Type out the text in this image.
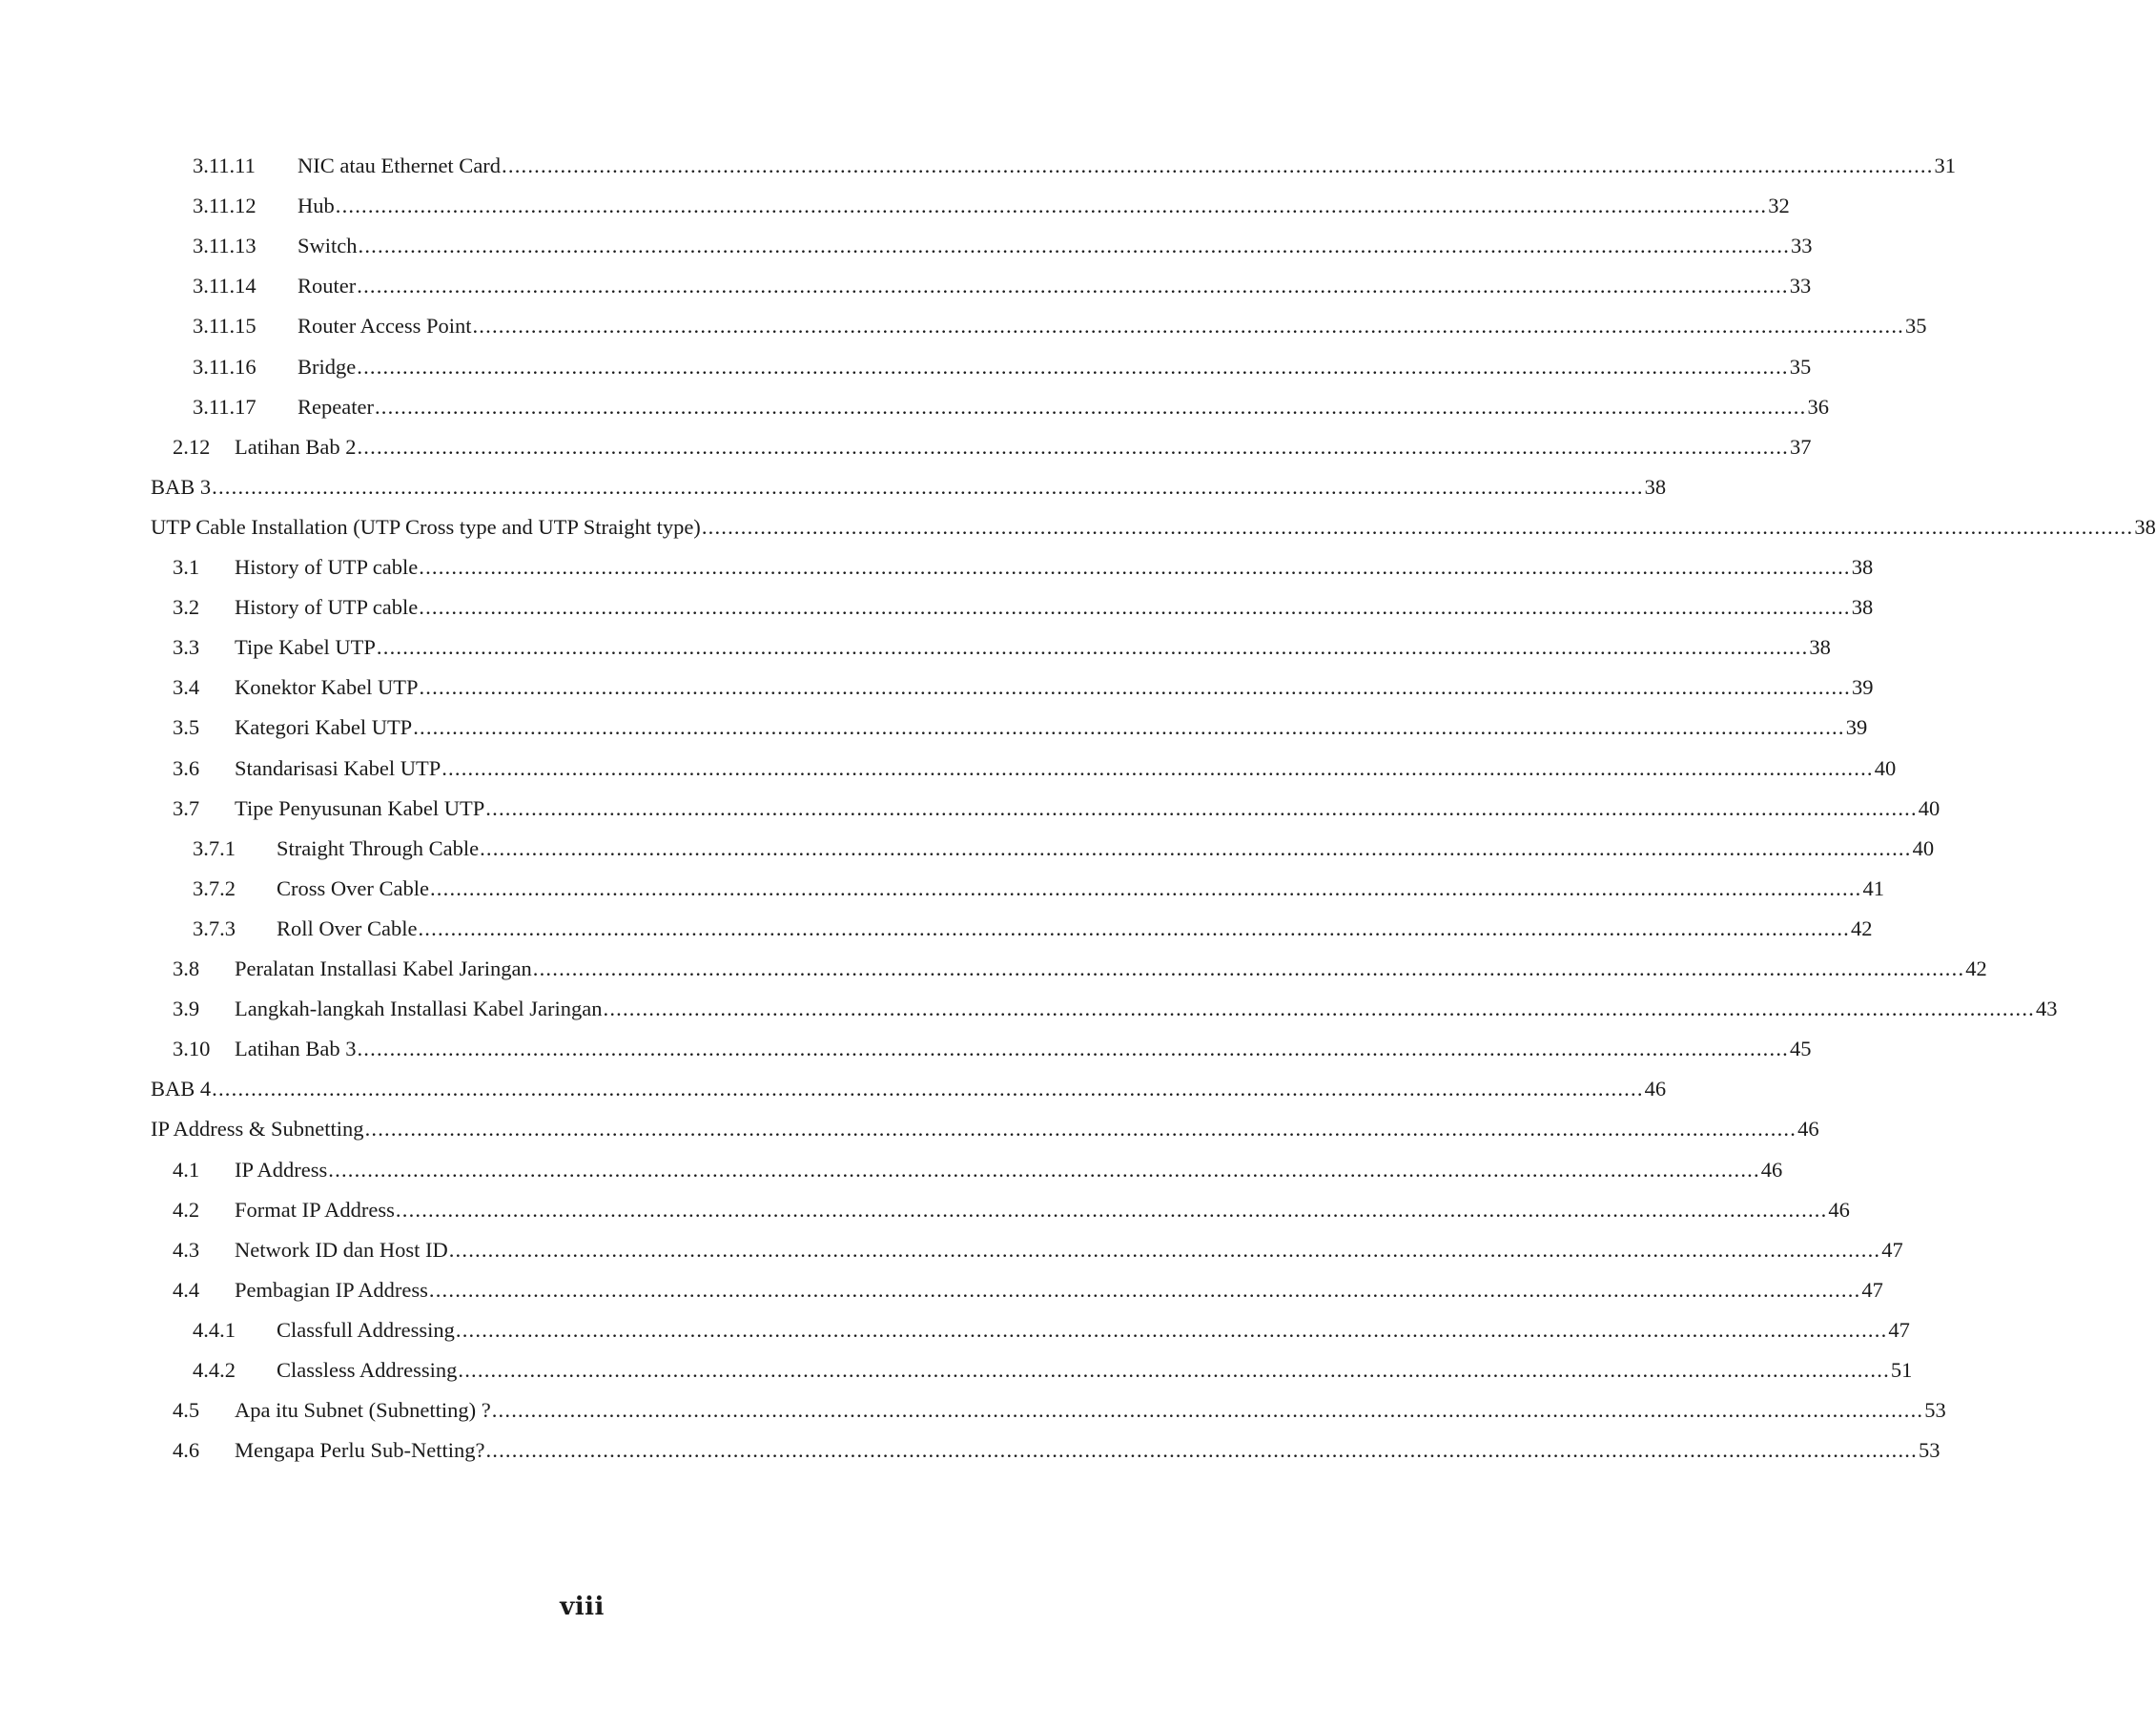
3.11.11 NIC atau Ethernet Card ............................................................................................................................................................................................................................ 31
3.11.12 Hub ............................................................................................................................................................................................................................ 32
3.11.13 Switch ............................................................................................................................................................................................................................ 33
3.11.14 Router ............................................................................................................................................................................................................................ 33
3.11.15 Router Access Point ............................................................................................................................................................................................................................ 35
3.11.16 Bridge ............................................................................................................................................................................................................................ 35
3.11.17 Repeater ............................................................................................................................................................................................................................ 36
2.12 Latihan Bab 2 ............................................................................................................................................................................................................................ 37
BAB 3 ............................................................................................................................................................................................................................ 38
UTP Cable Installation (UTP Cross type and UTP Straight type) ............................................................................................................................................................................................................................ 38
3.1 History of UTP cable ............................................................................................................................................................................................................................ 38
3.2 History of UTP cable ............................................................................................................................................................................................................................ 38
3.3 Tipe Kabel UTP ............................................................................................................................................................................................................................ 38
3.4 Konektor Kabel UTP ............................................................................................................................................................................................................................ 39
3.5 Kategori Kabel UTP ............................................................................................................................................................................................................................ 39
3.6 Standarisasi Kabel UTP ............................................................................................................................................................................................................................ 40
3.7 Tipe Penyusunan Kabel UTP ............................................................................................................................................................................................................................ 40
3.7.1 Straight Through Cable ............................................................................................................................................................................................................................ 40
3.7.2 Cross Over Cable ............................................................................................................................................................................................................................ 41
3.7.3 Roll Over Cable ............................................................................................................................................................................................................................ 42
3.8 Peralatan Installasi Kabel Jaringan ............................................................................................................................................................................................................................ 42
3.9 Langkah-langkah Installasi Kabel Jaringan ............................................................................................................................................................................................................................ 43
3.10 Latihan Bab 3 ............................................................................................................................................................................................................................ 45
BAB 4 ............................................................................................................................................................................................................................ 46
IP Address & Subnetting ............................................................................................................................................................................................................................ 46
4.1 IP Address ............................................................................................................................................................................................................................ 46
4.2 Format IP Address ............................................................................................................................................................................................................................ 46
4.3 Network ID dan Host ID ............................................................................................................................................................................................................................ 47
4.4 Pembagian IP Address ............................................................................................................................................................................................................................ 47
4.4.1 Classfull Addressing ............................................................................................................................................................................................................................ 47
4.4.2 Classless Addressing ............................................................................................................................................................................................................................ 51
4.5 Apa itu Subnet (Subnetting) ? ............................................................................................................................................................................................................................ 53
4.6 Mengapa Perlu Sub-Netting? ............................................................................................................................................................................................................................ 53
viii
